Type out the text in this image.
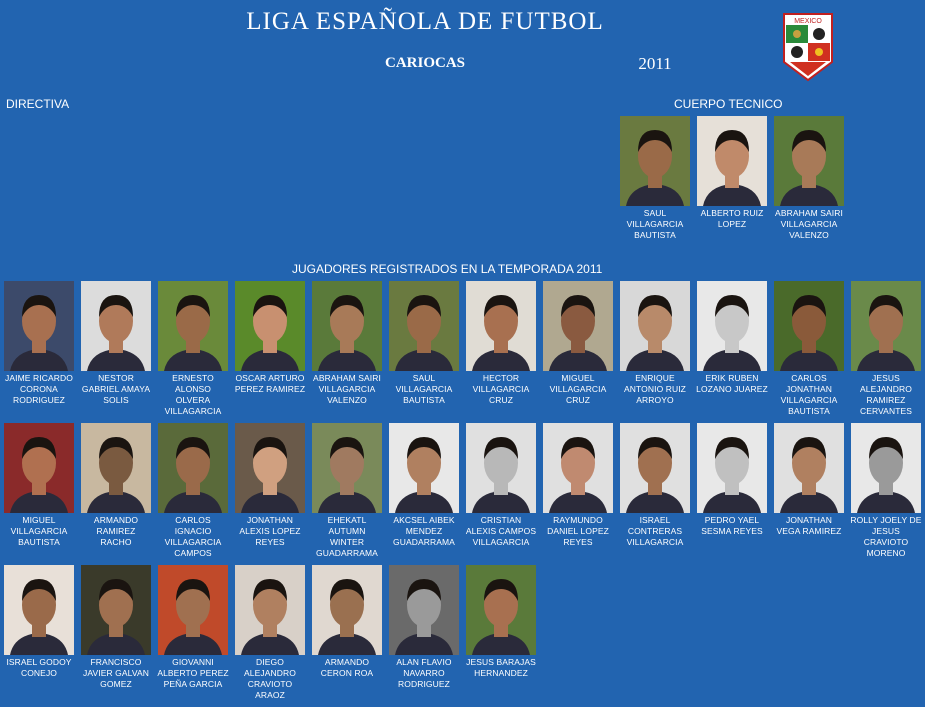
LIGA ESPAÑOLA DE FUTBOL
CARIOCAS	2011
MEXICO
DIRECTIVA	CUERPO TECNICO
JUGADORES REGISTRADOS EN LA TEMPORADA 2011
SAUL VILLAGARCIA BAUTISTA
ALBERTO RUIZ LOPEZ
ABRAHAM SAIRI VILLAGARCIA VALENZO
JAIME RICARDO CORONA RODRIGUEZ
NESTOR GABRIEL AMAYA SOLIS
ERNESTO ALONSO OLVERA VILLAGARCIA
OSCAR ARTURO PEREZ RAMIREZ
ABRAHAM SAIRI VILLAGARCIA VALENZO
SAUL VILLAGARCIA BAUTISTA
HECTOR VILLAGARCIA CRUZ
MIGUEL VILLAGARCIA CRUZ
ENRIQUE ANTONIO RUIZ ARROYO
ERIK RUBEN LOZANO JUAREZ
CARLOS JONATHAN VILLAGARCIA BAUTISTA
JESUS ALEJANDRO RAMIREZ CERVANTES
MIGUEL VILLAGARCIA BAUTISTA
ARMANDO RAMIREZ RACHO
CARLOS IGNACIO VILLAGARCIA CAMPOS
JONATHAN ALEXIS LOPEZ REYES
EHEKATL AUTUMN WINTER GUADARRAMA
AKCSEL AIBEK MENDEZ GUADARRAMA
CRISTIAN ALEXIS CAMPOS VILLAGARCIA
RAYMUNDO DANIEL LOPEZ REYES
ISRAEL CONTRERAS VILLAGARCIA
PEDRO YAEL SESMA REYES
JONATHAN VEGA RAMIREZ
ROLLY JOELY DE JESUS CRAVIOTO MORENO
ISRAEL GODOY CONEJO
FRANCISCO JAVIER GALVAN GOMEZ
GIOVANNI ALBERTO PEREZ PEÑA GARCIA
DIEGO ALEJANDRO CRAVIOTO ARAOZ
ARMANDO CERON ROA
ALAN FLAVIO NAVARRO RODRIGUEZ
JESUS BARAJAS HERNANDEZ
